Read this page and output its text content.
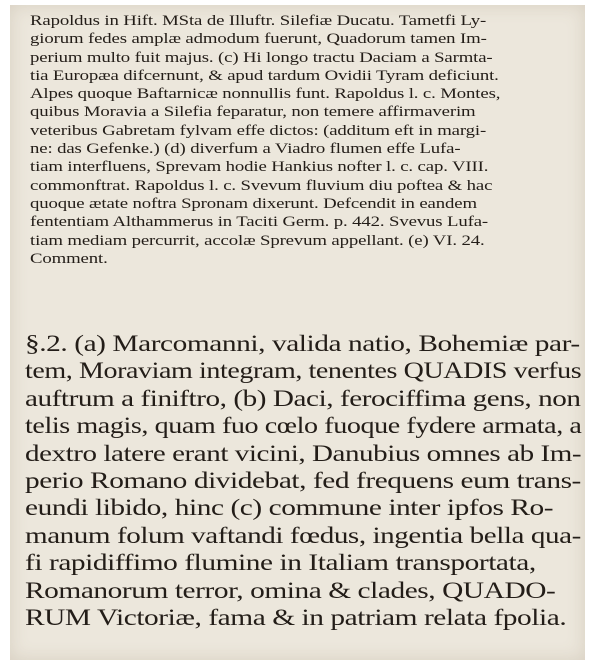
Rapoldus in Hift. MSta de Illuftr. Silefiæ Ducatu. Tametfi Ly-
giorum fedes amplæ admodum fuerunt, Quadorum tamen Im-
perium multo fuit majus. (c) Hi longo tractu Daciam a Sarmta-
tia Europæa difcernunt, & apud tardum Ovidii Tyram deficiunt.
Alpes quoque Baftarnicæ nonnullis funt. Rapoldus l. c. Montes,
quibus Moravia a Silefia feparatur, non temere affirmaverim
veteribus Gabretam fylvam effe dictos: (additum eft in margi-
ne: das Gefenke.) (d) diverfum a Viadro flumen effe Lufa-
tiam interfluens, Sprevam hodie Hankius nofter l. c. cap. VIII.
commonftrat. Rapoldus l. c. Svevum fluvium diu poftea & hac
quoque ætate noftra Spronam dixerunt. Defcendit in eandem
fententiam Althammerus in Taciti Germ. p. 442. Svevus Lufa-
tiam mediam percurrit, accolæ Sprevum appellant. (e) VI. 24.
Comment.
§.2. (a) Marcomanni, valida natio, Bohemiæ par-
tem, Moraviam integram, tenentes QUADIS verfus
auftrum a finiftro, (b) Daci, ferociffima gens, non
telis magis, quam fuo cœlo fuoque fydere armata, a
dextro latere erant vicini, Danubius omnes ab Im-
perio Romano dividebat, fed frequens eum trans-
eundi libido, hinc (c) commune inter ipfos Ro-
manum folum vaftandi fœdus, ingentia bella qua-
fi rapidiffimo flumine in Italiam transportata,
Romanorum terror, omina & clades, QUADO-
RUM Victoriæ, fama & in patriam relata fpolia.
